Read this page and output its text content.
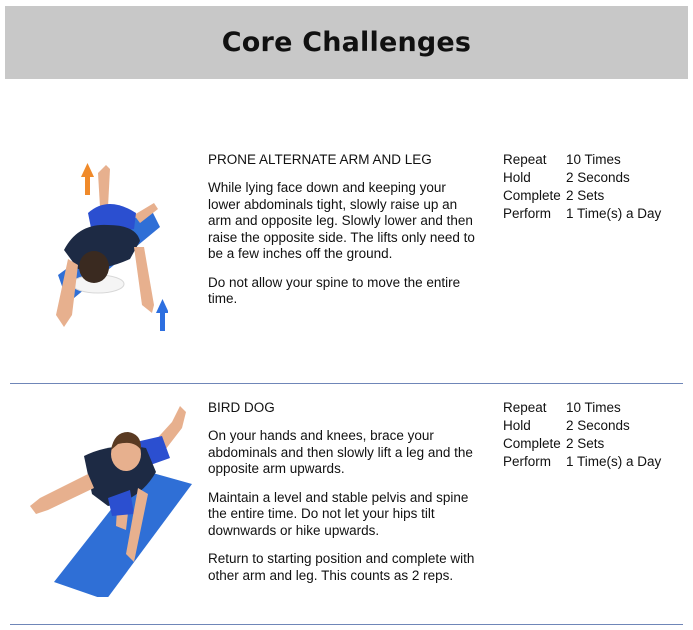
Core Challenges
PRONE ALTERNATE ARM AND LEG

While lying face down and keeping your
lower abdominals tight, slowly raise up an
arm and opposite leg. Slowly lower and then
raise the opposite side. The lifts only need to
be a few inches off the ground.

Do not allow your spine to move the entire
time.

Repeat	10 Times
Hold	2 Seconds
Complete 2 Sets
Perform	1 Time(s) a Day
BIRD DOG

On your hands and knees, brace your
abdominals and then slowly lift a leg and the
opposite arm upwards.

Maintain a level and stable pelvis and spine
the entire time. Do not let your hips tilt
downwards or hike upwards.

Return to starting position and complete with
other arm and leg. This counts as 2 reps.

Repeat	10 Times
Hold	2 Seconds
Complete 2 Sets
Perform	1 Time(s) a Day
